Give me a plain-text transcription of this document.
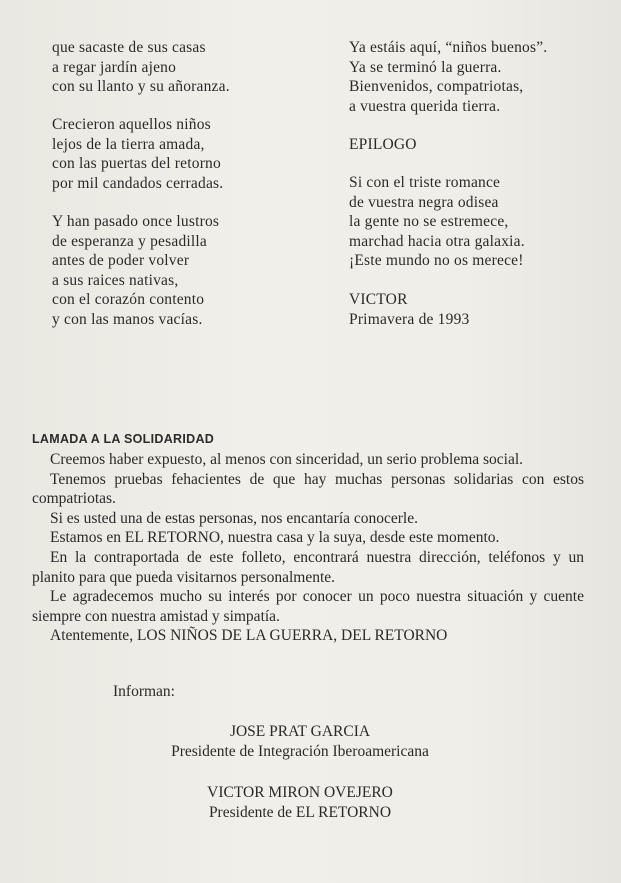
que sacaste de sus casas
a regar jardín ajeno
con su llanto y su añoranza.
Crecieron aquellos niños
lejos de la tierra amada,
con las puertas del retorno
por mil candados cerradas.
Y han pasado once lustros
de esperanza y pesadilla
antes de poder volver
a sus raices nativas,
con el corazón contento
y con las manos vacías.
Ya estáis aquí, “niños buenos”.
Ya se terminó la guerra.
Bienvenidos, compatriotas,
a vuestra querida tierra.
EPILOGO
Si con el triste romance
de vuestra negra odisea
la gente no se estremece,
marchad hacia otra galaxia.
¡Este mundo no os merece!
VICTOR
Primavera de 1993
LAMADA A LA SOLIDARIDAD

Creemos haber expuesto, al menos con sinceridad, un serio problema social.

Tenemos pruebas fehacientes de que hay muchas personas solidarias con estos compatriotas.

Si es usted una de estas personas, nos encantaría conocerle.

Estamos en EL RETORNO, nuestra casa y la suya, desde este momento.

En la contraportada de este folleto, encontrará nuestra dirección, teléfonos y un planito para que pueda visitarnos personalmente.

Le agradecemos mucho su interés por conocer un poco nuestra situación y cuente siempre con nuestra amistad y simpatía.

Atentemente, LOS NIÑOS DE LA GUERRA, DEL RETORNO

Informan:
JOSE PRAT GARCIA
Presidente de Integración Iberoamericana
VICTOR MIRON OVEJERO
Presidente de EL RETORNO
